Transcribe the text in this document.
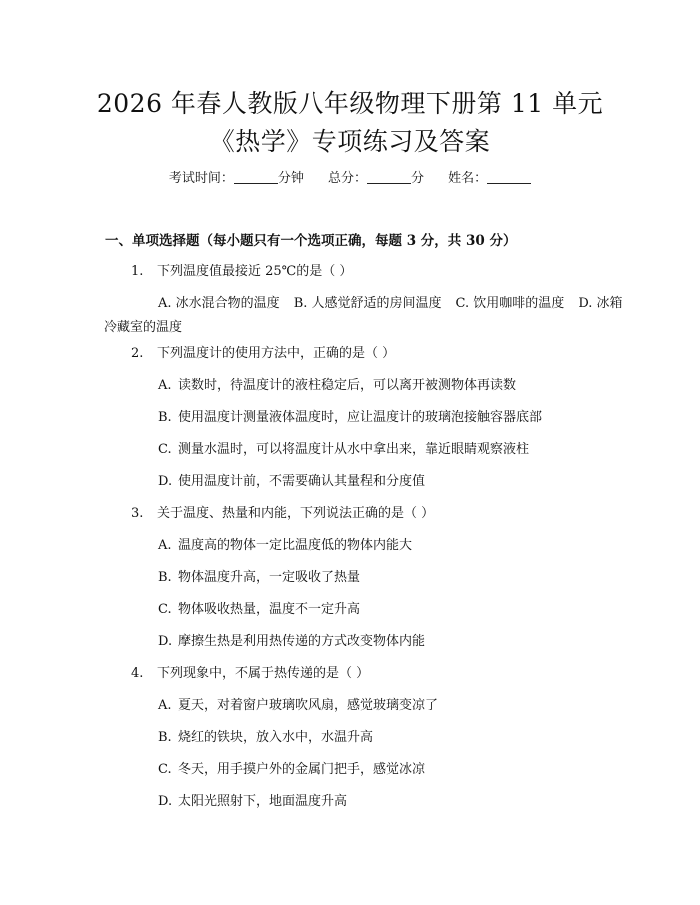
2026 年春人教版八年级物理下册第 11 单元
《热学》专项练习及答案
考试时间：	分钟 总分：	分 姓名：
一、单项选择题（每小题只有一个选项正确，每题 3 分，共 30 分）
1. 下列温度值最接近 25℃的是（ ）
A. 冰水混合物的温度 B. 人感觉舒适的房间温度 C. 饮用咖啡的温度 D. 冰箱冷藏室的温度
2. 下列温度计的使用方法中，正确的是（ ）
A. 读数时，待温度计的液柱稳定后，可以离开被测物体再读数
B. 使用温度计测量液体温度时，应让温度计的玻璃泡接触容器底部
C. 测量水温时，可以将温度计从水中拿出来，靠近眼睛观察液柱
D. 使用温度计前，不需要确认其量程和分度值
3. 关于温度、热量和内能，下列说法正确的是（ ）
A. 温度高的物体一定比温度低的物体内能大
B. 物体温度升高，一定吸收了热量
C. 物体吸收热量，温度不一定升高
D. 摩擦生热是利用热传递的方式改变物体内能
4. 下列现象中，不属于热传递的是（ ）
A. 夏天，对着窗户玻璃吹风扇，感觉玻璃变凉了
B. 烧红的铁块，放入水中，水温升高
C. 冬天，用手摸户外的金属门把手，感觉冰凉
D. 太阳光照射下，地面温度升高
